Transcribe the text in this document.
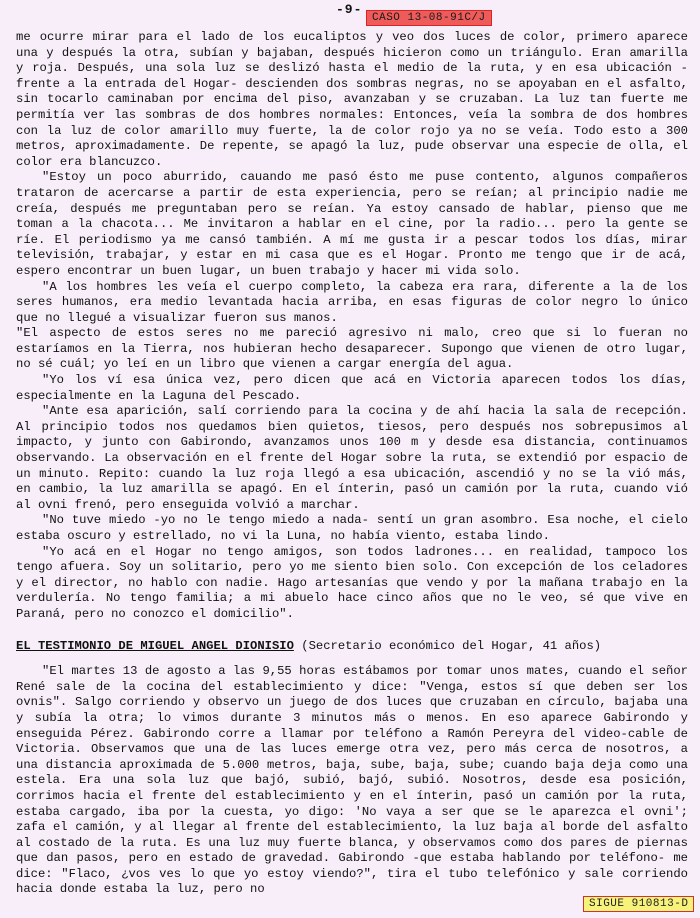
-9-
CASO 13-08-91C/J

me ocurre mirar para el lado de los eucaliptos y veo dos luces de color, primero aparece una y después la otra, subían y bajaban, después hicieron como un triángulo. Eran amarilla y roja. Después, una sola luz se deslizó hasta el medio de la ruta, y en esa ubicación -frente a la entrada del Hogar- descienden dos sombras negras, no se apoyaban en el asfalto, sin tocarlo caminaban por encima del piso, avanzaban y se cruzaban. La luz tan fuerte me permitía ver las sombras de dos hombres normales: Entonces, veía la sombra de dos hombres con la luz de color amarillo muy fuerte, la de color rojo ya no se veía. Todo esto a 300 metros, aproximadamente. De repente, se apagó la luz, pude observar una especie de olla, el color era blancuzco.

"Estoy un poco aburrido, cauando me pasó ésto me puse contento, algunos compañeros trataron de acercarse a partir de esta experiencia, pero se reían; al principio nadie me creía, después me preguntaban pero se reían. Ya estoy cansado de hablar, pienso que me toman a la chacota... Me invitaron a hablar en el cine, por la radio... pero la gente se ríe. El periodismo ya me cansó también. A mí me gusta ir a pescar todos los días, mirar televisión, trabajar, y estar en mi casa que es el Hogar. Pronto me tengo que ir de acá, espero encontrar un buen lugar, un buen trabajo y hacer mi vida solo.

"A los hombres les veía el cuerpo completo, la cabeza era rara, diferente a la de los seres humanos, era medio levantada hacia arriba, en esas figuras de color negro lo único que no llegué a visualizar fueron sus manos.

"El aspecto de estos seres no me pareció agresivo ni malo, creo que si lo fueran no estaríamos en la Tierra, nos hubieran hecho desaparecer. Supongo que vienen de otro lugar, no sé cuál; yo leí en un libro que vienen a cargar energía del agua.

"Yo los ví esa única vez, pero dicen que acá en Victoria aparecen todos los días, especialmente en la Laguna del Pescado.

"Ante esa aparición, salí corriendo para la cocina y de ahí hacia la sala de recepción. Al principio todos nos quedamos bien quietos, tiesos, pero después nos sobrepusimos al impacto, y junto con Gabirondo, avanzamos unos 100 m y desde esa distancia, continuamos observando. La observación en el frente del Hogar sobre la ruta, se extendió por espacio de un minuto. Repito: cuando la luz roja llegó a esa ubicación, ascendió y no se la vió más, en cambio, la luz amarilla se apagó. En el ínterin, pasó un camión por la ruta, cuando vió al ovni frenó, pero enseguida volvió a marchar.

"No tuve miedo -yo no le tengo miedo a nada- sentí un gran asombro. Esa noche, el cielo estaba oscuro y estrellado, no vi la Luna, no había viento, estaba lindo.

"Yo acá en el Hogar no tengo amigos, son todos ladrones... en realidad, tampoco los tengo afuera. Soy un solitario, pero yo me siento bien solo. Con excepción de los celadores y el director, no hablo con nadie. Hago artesanías que vendo y por la mañana trabajo en la verdulería. No tengo familia; a mi abuelo hace cinco años que no le veo, sé que vive en Paraná, pero no conozco el domicilio".

EL TESTIMONIO DE MIGUEL ANGEL DIONISIO (Secretario económico del Hogar, 41 años)

"El martes 13 de agosto a las 9,55 horas estábamos por tomar unos mates, cuando el señor René sale de la cocina del establecimiento y dice: "Venga, estos sí que deben ser los ovnis". Salgo corriendo y observo un juego de dos luces que cruzaban en círculo, bajaba una y subía la otra; lo vimos durante 3 minutos más o menos. En eso aparece Gabirondo y enseguida Pérez. Gabirondo corre a llamar por teléfono a Ramón Pereyra del video-cable de Victoria. Observamos que una de las luces emerge otra vez, pero más cerca de nosotros, a una distancia aproximada de 5.000 metros, baja, sube, baja, sube; cuando baja deja como una estela. Era una sola luz que bajó, subió, bajó, subió. Nosotros, desde esa posición, corrimos hacia el frente del establecimiento y en el ínterin, pasó un camión por la ruta, estaba cargado, iba por la cuesta, yo digo: 'No vaya a ser que se le aparezca el ovni'; zafa el camión, y al llegar al frente del establecimiento, la luz baja al borde del asfalto al costado de la ruta. Es una luz muy fuerte blanca, y observamos como dos pares de piernas que dan pasos, pero en estado de gravedad. Gabirondo -que estaba hablando por teléfono- me dice: "Flaco, ¿vos ves lo que yo estoy viendo?", tira el tubo telefónico y sale corriendo hacia donde estaba la luz, pero no

SIGUE 910813-D
